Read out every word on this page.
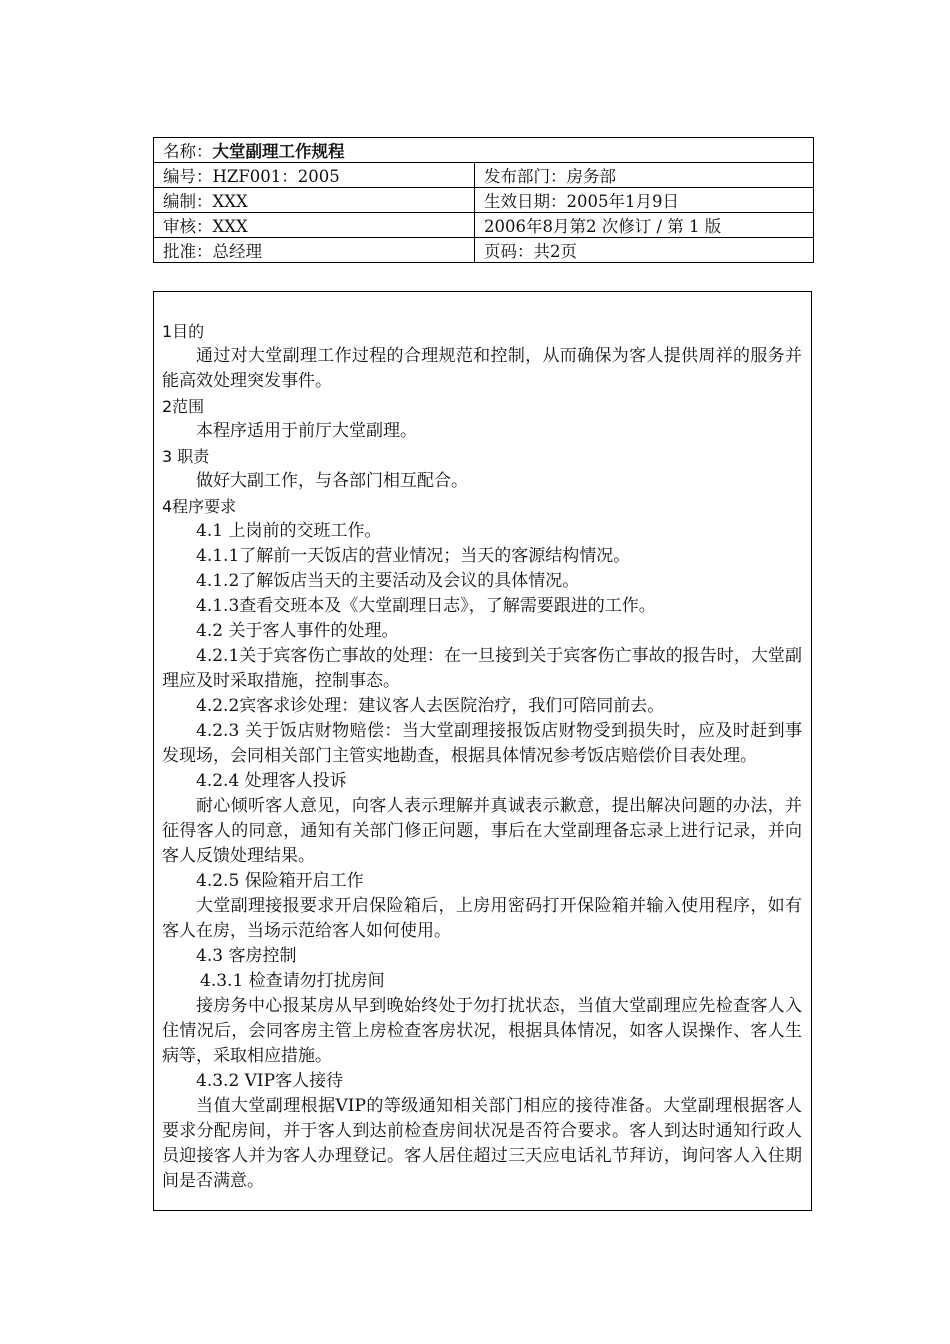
名称：大堂副理工作规程	
编号：HZF001：2005	发布部门：房务部
编制：XXX	生效日期：2005年1月9日
审核：XXX	2006年8月第2 次修订 / 第 1 版
批准：总经理	页码：共2页
1目的
通过对大堂副理工作过程的合理规范和控制，从而确保为客人提供周祥的服务并能高效处理突发事件。
2范围
本程序适用于前厅大堂副理。
3 职责
做好大副工作，与各部门相互配合。
4程序要求
4.1 上岗前的交班工作。
4.1.1了解前一天饭店的营业情况；当天的客源结构情况。
4.1.2了解饭店当天的主要活动及会议的具体情况。
4.1.3查看交班本及《大堂副理日志》，了解需要跟进的工作。
4.2 关于客人事件的处理。
4.2.1关于宾客伤亡事故的处理：在一旦接到关于宾客伤亡事故的报告时，大堂副理应及时采取措施，控制事态。
4.2.2宾客求诊处理：建议客人去医院治疗，我们可陪同前去。
4.2.3 关于饭店财物赔偿：当大堂副理接报饭店财物受到损失时，应及时赶到事发现场，会同相关部门主管实地勘查，根据具体情况参考饭店赔偿价目表处理。
4.2.4 处理客人投诉
耐心倾听客人意见，向客人表示理解并真诚表示歉意，提出解决问题的办法，并征得客人的同意，通知有关部门修正问题，事后在大堂副理备忘录上进行记录，并向客人反馈处理结果。
4.2.5 保险箱开启工作
大堂副理接报要求开启保险箱后，上房用密码打开保险箱并输入使用程序，如有客人在房，当场示范给客人如何使用。
4.3 客房控制
4.3.1 检查请勿打扰房间
接房务中心报某房从早到晚始终处于勿打扰状态，当值大堂副理应先检查客人入住情况后，会同客房主管上房检查客房状况，根据具体情况，如客人误操作、客人生病等，采取相应措施。
4.3.2 VIP客人接待
当值大堂副理根据VIP的等级通知相关部门相应的接待准备。大堂副理根据客人要求分配房间，并于客人到达前检查房间状况是否符合要求。客人到达时通知行政人员迎接客人并为客人办理登记。客人居住超过三天应电话礼节拜访，询问客人入住期间是否满意。
